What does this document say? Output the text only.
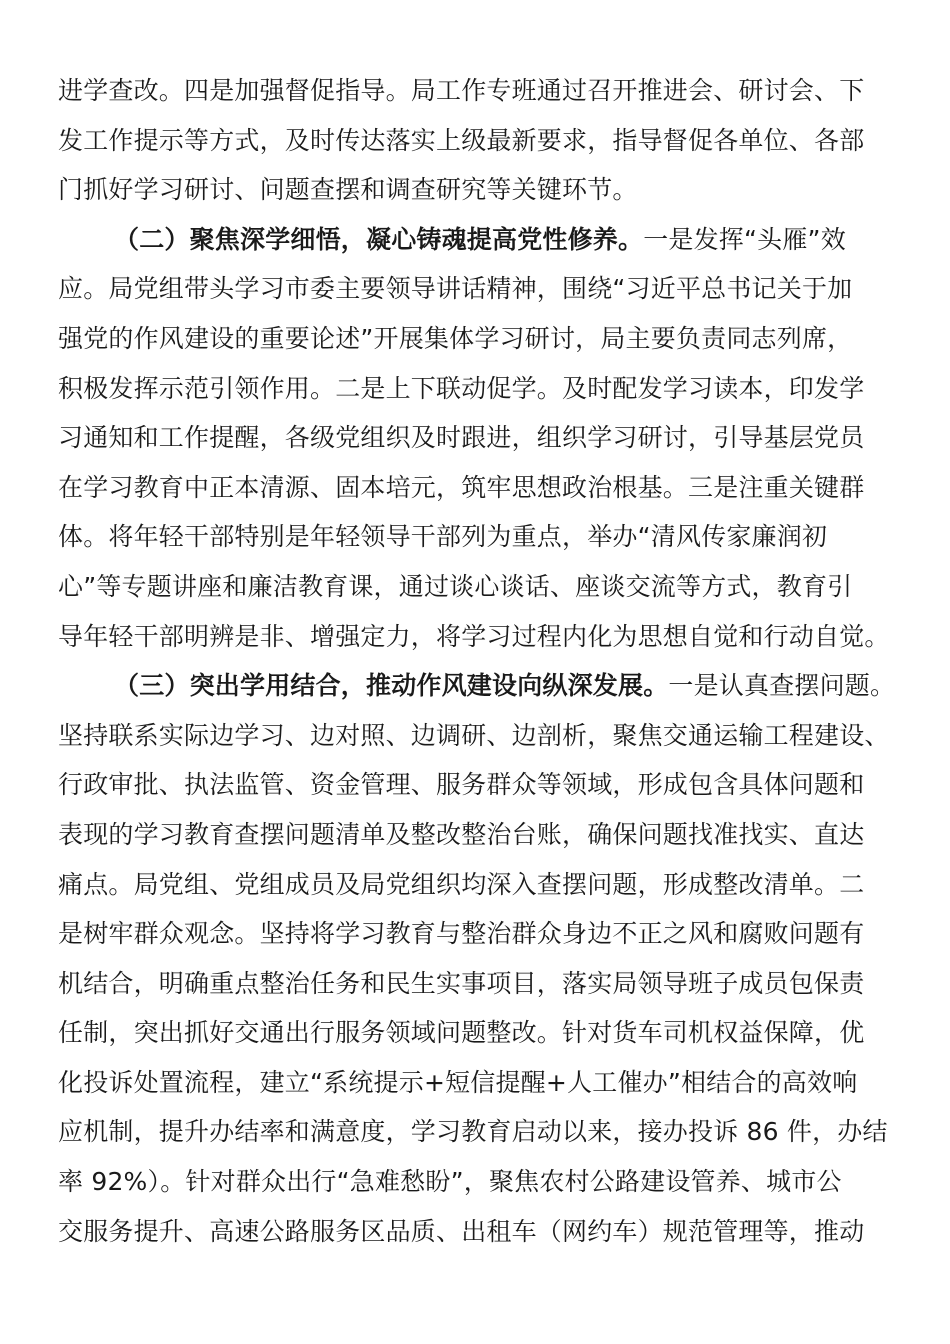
进学查改。四是加强督促指导。局工作专班通过召开推进会、研讨会、下
发工作提示等方式，及时传达落实上级最新要求，指导督促各单位、各部
门抓好学习研讨、问题查摆和调查研究等关键环节。
（二）聚焦深学细悟，凝心铸魂提高党性修养。一是发挥“头雁”效
应。局党组带头学习市委主要领导讲话精神，围绕“习近平总书记关于加
强党的作风建设的重要论述”开展集体学习研讨，局主要负责同志列席，
积极发挥示范引领作用。二是上下联动促学。及时配发学习读本，印发学
习通知和工作提醒，各级党组织及时跟进，组织学习研讨，引导基层党员
在学习教育中正本清源、固本培元，筑牢思想政治根基。三是注重关键群
体。将年轻干部特别是年轻领导干部列为重点，举办“清风传家廉润初
心”等专题讲座和廉洁教育课，通过谈心谈话、座谈交流等方式，教育引
导年轻干部明辨是非、增强定力，将学习过程内化为思想自觉和行动自觉。
（三）突出学用结合，推动作风建设向纵深发展。一是认真查摆问题。
坚持联系实际边学习、边对照、边调研、边剖析，聚焦交通运输工程建设、
行政审批、执法监管、资金管理、服务群众等领域，形成包含具体问题和
表现的学习教育查摆问题清单及整改整治台账，确保问题找准找实、直达
痛点。局党组、党组成员及局党组织均深入查摆问题，形成整改清单。二
是树牢群众观念。坚持将学习教育与整治群众身边不正之风和腐败问题有
机结合，明确重点整治任务和民生实事项目，落实局领导班子成员包保责
任制，突出抓好交通出行服务领域问题整改。针对货车司机权益保障，优
化投诉处置流程，建立“系统提示+短信提醒+人工催办”相结合的高效响
应机制，提升办结率和满意度，学习教育启动以来，接办投诉 86 件，办结
率 92%）。针对群众出行“急难愁盼”，聚焦农村公路建设管养、城市公
交服务提升、高速公路服务区品质、出租车（网约车）规范管理等，推动
